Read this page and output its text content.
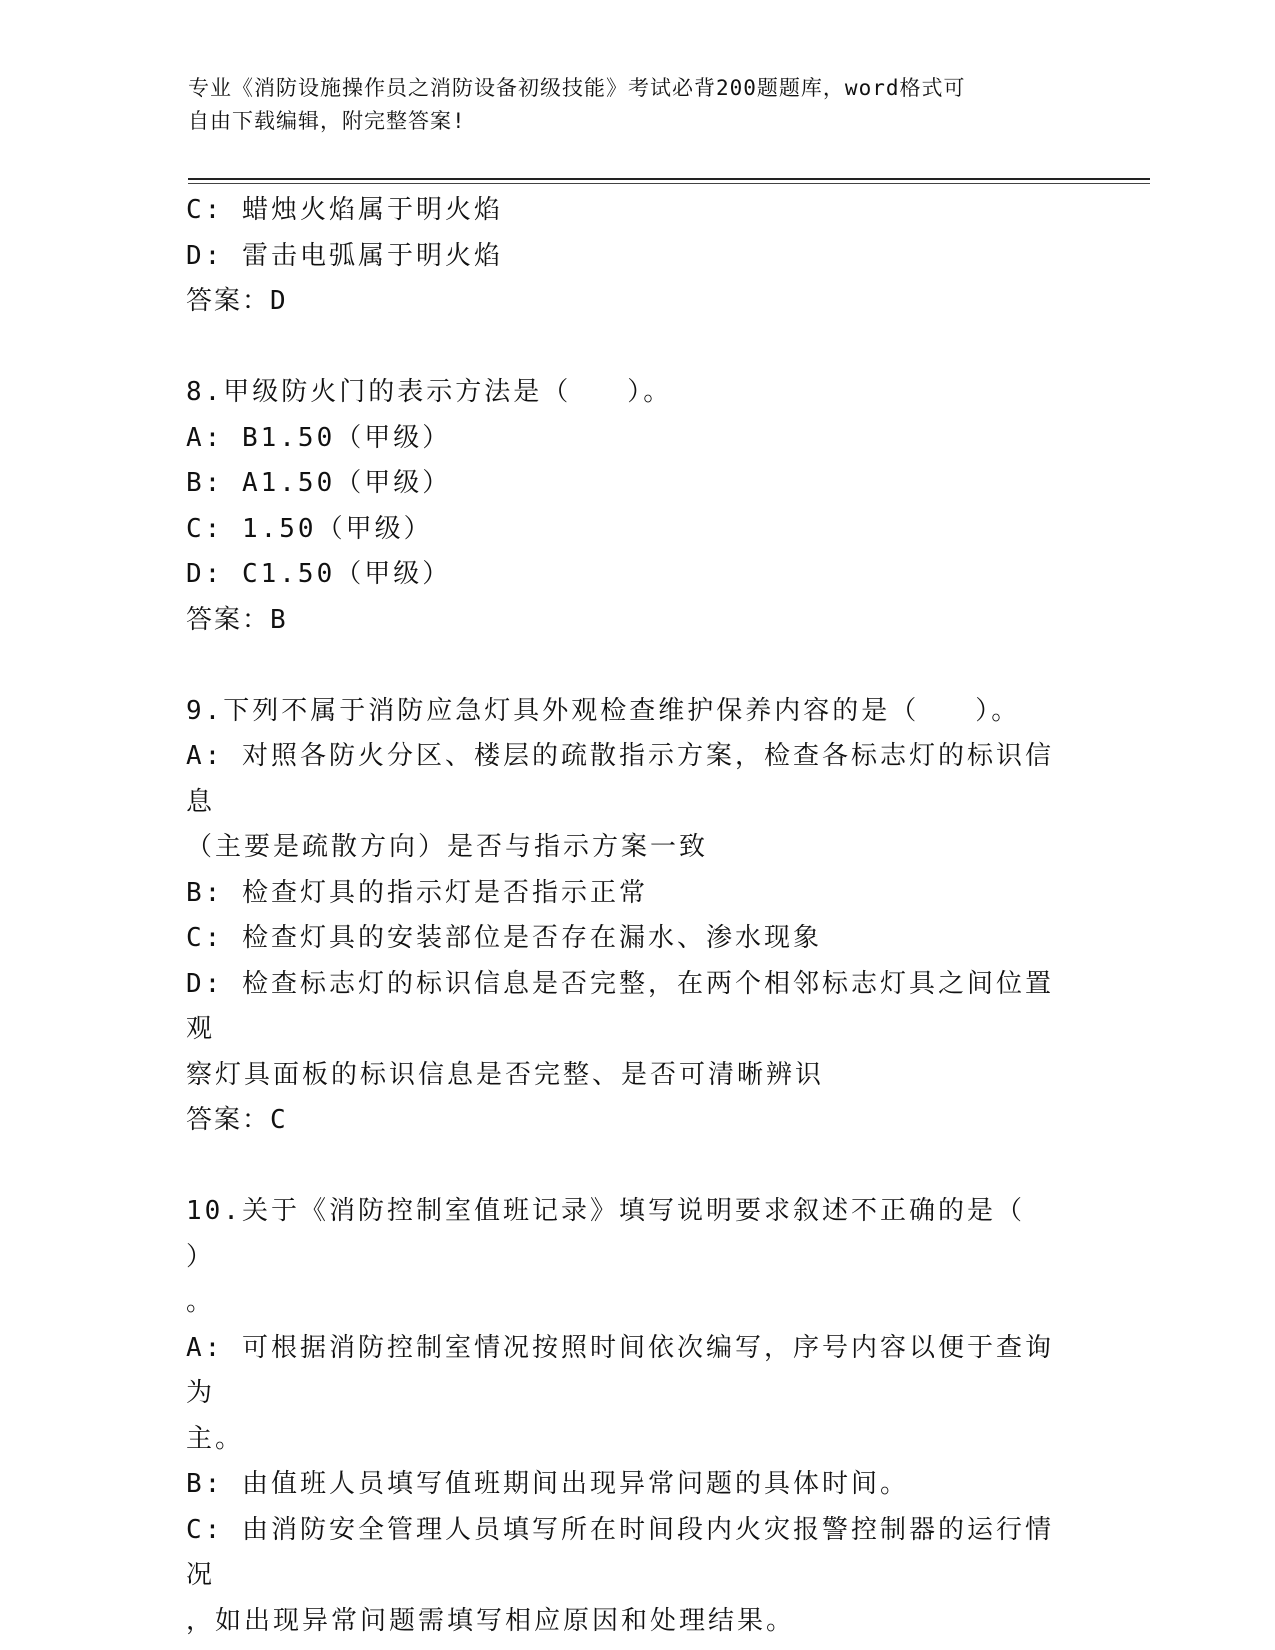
专业《消防设施操作员之消防设备初级技能》考试必背200题题库，word格式可
自由下载编辑，附完整答案!
C: 蜡烛火焰属于明火焰
D: 雷击电弧属于明火焰
答案：D
8.甲级防火门的表示方法是（   ）。
A: B1.50（甲级）
B: A1.50（甲级）
C: 1.50（甲级）
D: C1.50（甲级）
答案：B
9.下列不属于消防应急灯具外观检查维护保养内容的是（   ）。
A: 对照各防火分区、楼层的疏散指示方案，检查各标志灯的标识信息
（主要是疏散方向）是否与指示方案一致
B: 检查灯具的指示灯是否指示正常
C: 检查灯具的安装部位是否存在漏水、渗水现象
D: 检查标志灯的标识信息是否完整，在两个相邻标志灯具之间位置观
察灯具面板的标识信息是否完整、是否可清晰辨识
答案：C
10.关于《消防控制室值班记录》填写说明要求叙述不正确的是（   ）
。
A: 可根据消防控制室情况按照时间依次编写，序号内容以便于查询为
主。
B: 由值班人员填写值班期间出现异常问题的具体时间。
C: 由消防安全管理人员填写所在时间段内火灾报警控制器的运行情况
，如出现异常问题需填写相应原因和处理结果。
